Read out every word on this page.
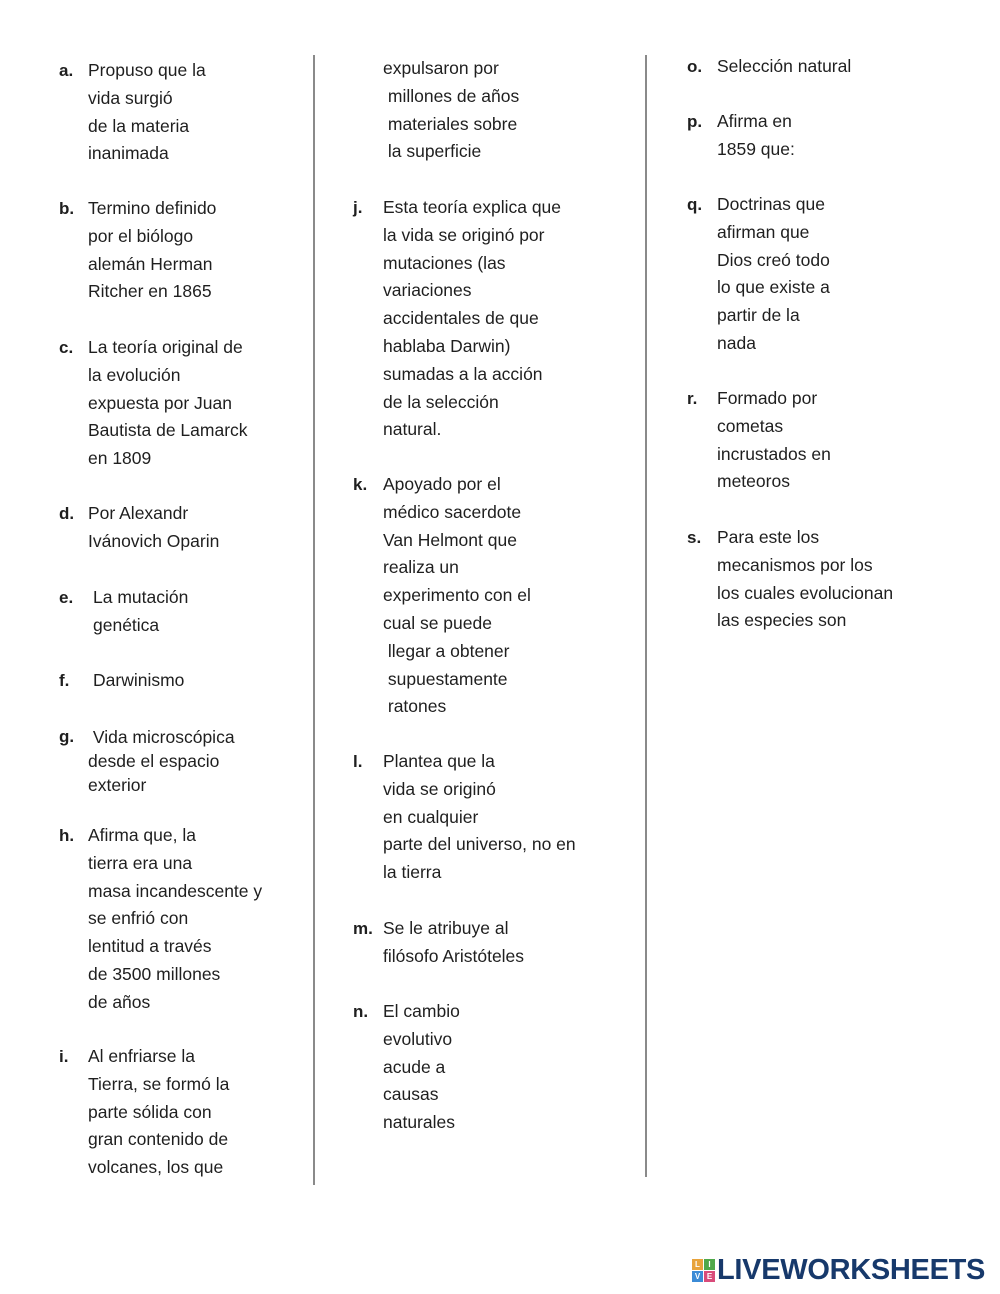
a. Propuso que la
vida surgió
de la materia
inanimada
b. Termino definido
por el biólogo
alemán Herman
Ritcher en 1865
c. La teoría original de
la evolución
expuesta por Juan
Bautista de Lamarck
en 1809
d. Por Alexandr
Ivánovich Oparin
e. La mutación
genética
f. Darwinismo
g. Vida microscópica
desde el espacio
exterior
h. Afirma que, la
tierra era una
masa incandescente y
se enfrió con
lentitud a través
de 3500 millones
de años
i. Al enfriarse la
Tierra, se formó la
parte sólida con
gran contenido de
volcanes, los que
expulsaron por
millones de años
materiales sobre
la superficie
j. Esta teoría explica que
la vida se originó por
mutaciones (las
variaciones
accidentales de que
hablaba Darwin)
sumadas a la acción
de la selección
natural.
k. Apoyado por el
médico sacerdote
Van Helmont que
realiza un
experimento con el
cual se puede
llegar a obtener
supuestamente
ratones
l. Plantea que la
vida se originó
en cualquier
parte del universo, no en
la tierra
m. Se le atribuye al
filósofo Aristóteles
n. El cambio
evolutivo
acude a
causas
naturales
o. Selección natural
p. Afirma en
1859 que:
q. Doctrinas que
afirman que
Dios creó todo
lo que existe a
partir de la
nada
r. Formado por
cometas
incrustados en
meteoros
s. Para este los
mecanismos por los
los cuales evolucionan
las especies son
L	I
V E LIVEWORKSHEETS
